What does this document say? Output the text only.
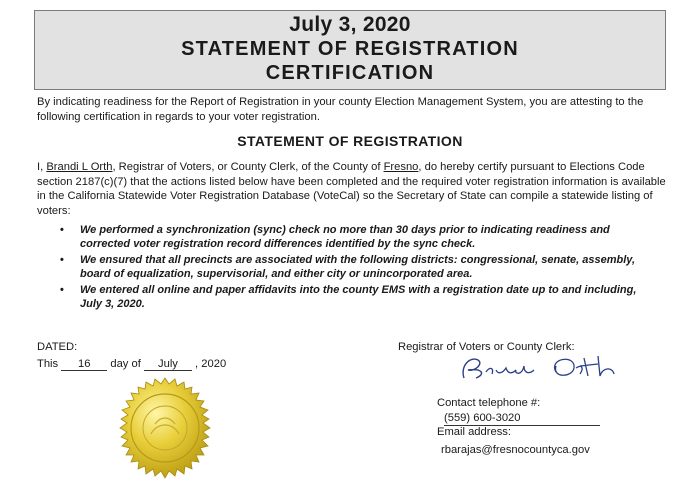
July 3, 2020
STATEMENT OF REGISTRATION
CERTIFICATION
By indicating readiness for the Report of Registration in your county Election Management System, you are attesting to the following certification in regards to your voter registration.
STATEMENT OF REGISTRATION
I, Brandi L Orth, Registrar of Voters, or County Clerk, of the County of Fresno, do hereby certify pursuant to Elections Code section 2187(c)(7) that the actions listed below have been completed and the required voter registration information is available in the California Statewide Voter Registration Database (VoteCal) so the Secretary of State can compile a statewide listing of voters:
• We performed a synchronization (sync) check no more than 30 days prior to indicating readiness and corrected voter registration record differences identified by the sync check.
• We ensured that all precincts are associated with the following districts: congressional, senate, assembly, board of equalization, supervisorial, and either city or unincorporated area.
• We entered all online and paper affidavits into the county EMS with a registration date up to and including, July 3, 2020.
DATED:
This 16 day of July , 2020
Registrar of Voters or County Clerk:
Contact telephone #:
(559) 600-3020
Email address:
rbarajas@fresnocountyca.gov
